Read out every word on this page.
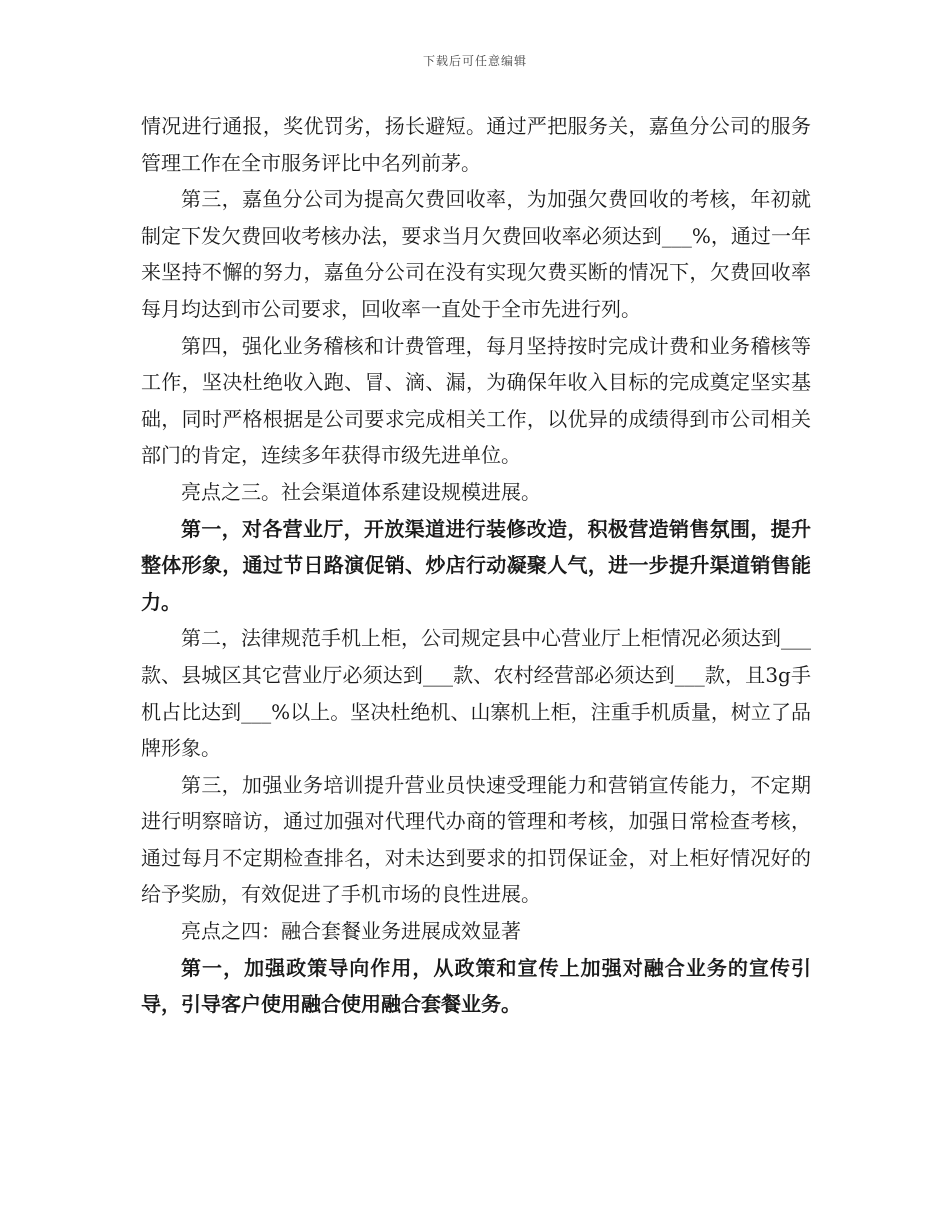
下载后可任意编辑

情况进行通报，奖优罚劣，扬长避短。通过严把服务关，嘉鱼分公司的服务管理工作在全市服务评比中名列前茅。

第三，嘉鱼分公司为提高欠费回收率，为加强欠费回收的考核，年初就制定下发欠费回收考核办法，要求当月欠费回收率必须达到___%，通过一年来坚持不懈的努力，嘉鱼分公司在没有实现欠费买断的情况下，欠费回收率每月均达到市公司要求，回收率一直处于全市先进行列。

第四，强化业务稽核和计费管理，每月坚持按时完成计费和业务稽核等工作，坚决杜绝收入跑、冒、滴、漏，为确保年收入目标的完成奠定坚实基础，同时严格根据是公司要求完成相关工作，以优异的成绩得到市公司相关部门的肯定，连续多年获得市级先进单位。

亮点之三。社会渠道体系建设规模进展。

第一，对各营业厅，开放渠道进行装修改造，积极营造销售氛围，提升整体形象，通过节日路演促销、炒店行动凝聚人气，进一步提升渠道销售能力。

第二，法律规范手机上柜，公司规定县中心营业厅上柜情况必须达到___款、县城区其它营业厅必须达到___款、农村经营部必须达到___款，且3g手机占比达到___%以上。坚决杜绝机、山寨机上柜，注重手机质量，树立了品牌形象。

第三，加强业务培训提升营业员快速受理能力和营销宣传能力，不定期进行明察暗访，通过加强对代理代办商的管理和考核，加强日常检查考核，通过每月不定期检查排名，对未达到要求的扣罚保证金，对上柜好情况好的给予奖励，有效促进了手机市场的良性进展。

亮点之四：融合套餐业务进展成效显著

第一，加强政策导向作用，从政策和宣传上加强对融合业务的宣传引导，引导客户使用融合使用融合套餐业务。
